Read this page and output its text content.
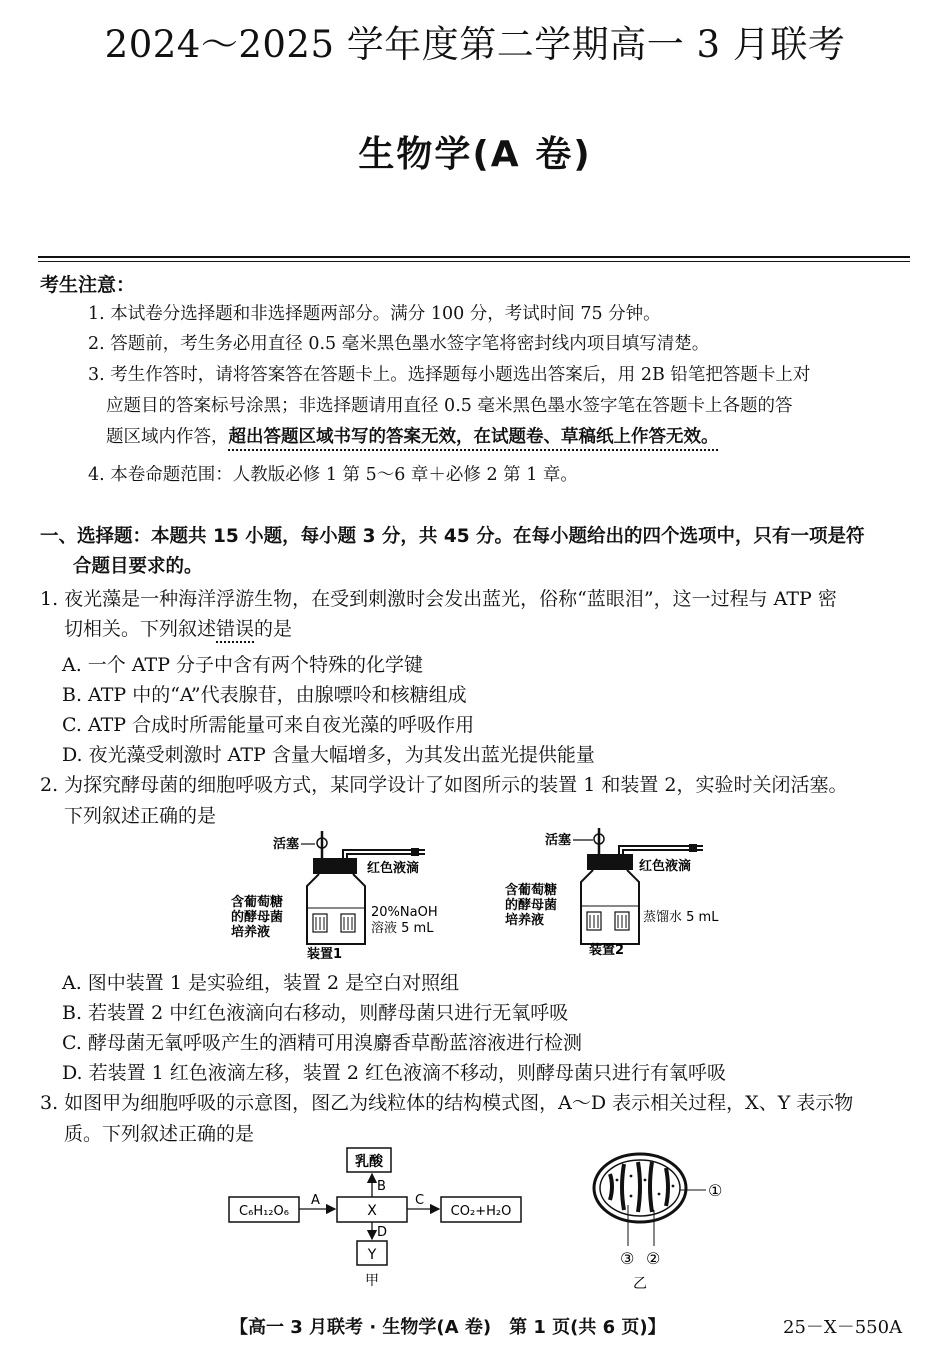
2024～2025 学年度第二学期高一 3 月联考
生物学(A 卷)
考生注意：
1. 本试卷分选择题和非选择题两部分。满分 100 分，考试时间 75 分钟。
2. 答题前，考生务必用直径 0.5 毫米黑色墨水签字笔将密封线内项目填写清楚。
3. 考生作答时，请将答案答在答题卡上。选择题每小题选出答案后，用 2B 铅笔把答题卡上对
应题目的答案标号涂黑；非选择题请用直径 0.5 毫米黑色墨水签字笔在答题卡上各题的答
题区域内作答，超出答题区域书写的答案无效，在试题卷、草稿纸上作答无效。
4. 本卷命题范围：人教版必修 1 第 5～6 章＋必修 2 第 1 章。
一、选择题：本题共 15 小题，每小题 3 分，共 45 分。在每小题给出的四个选项中，只有一项是符
合题目要求的。
1. 夜光藻是一种海洋浮游生物，在受到刺激时会发出蓝光，俗称“蓝眼泪”，这一过程与 ATP 密
切相关。下列叙述错误的是
A. 一个 ATP 分子中含有两个特殊的化学键
B. ATP 中的“A”代表腺苷，由腺嘌呤和核糖组成
C. ATP 合成时所需能量可来自夜光藻的呼吸作用
D. 夜光藻受刺激时 ATP 含量大幅增多，为其发出蓝光提供能量
2. 为探究酵母菌的细胞呼吸方式，某同学设计了如图所示的装置 1 和装置 2，实验时关闭活塞。
下列叙述正确的是
活塞
红色液滴
含葡萄糖
的酵母菌
培养液
20%NaOH
溶液 5 mL
装置1
活塞
红色液滴
含葡萄糖
的酵母菌
培养液	蒸馏水 5 mL
装置2
A. 图中装置 1 是实验组，装置 2 是空白对照组
B. 若装置 2 中红色液滴向右移动，则酵母菌只进行无氧呼吸
C. 酵母菌无氧呼吸产生的酒精可用溴麝香草酚蓝溶液进行检测
D. 若装置 1 红色液滴左移，装置 2 红色液滴不移动，则酵母菌只进行有氧呼吸
3. 如图甲为细胞呼吸的示意图，图乙为线粒体的结构模式图，A～D 表示相关过程，X、Y 表示物
质。下列叙述正确的是
乳酸
C₆H₁₂O₆	X	CO₂+H₂O
Y
A
B
C
D
甲
①
③ ②
乙
【高一 3 月联考 · 生物学(A 卷)　第 1 页(共 6 页)】	25－X－550A
